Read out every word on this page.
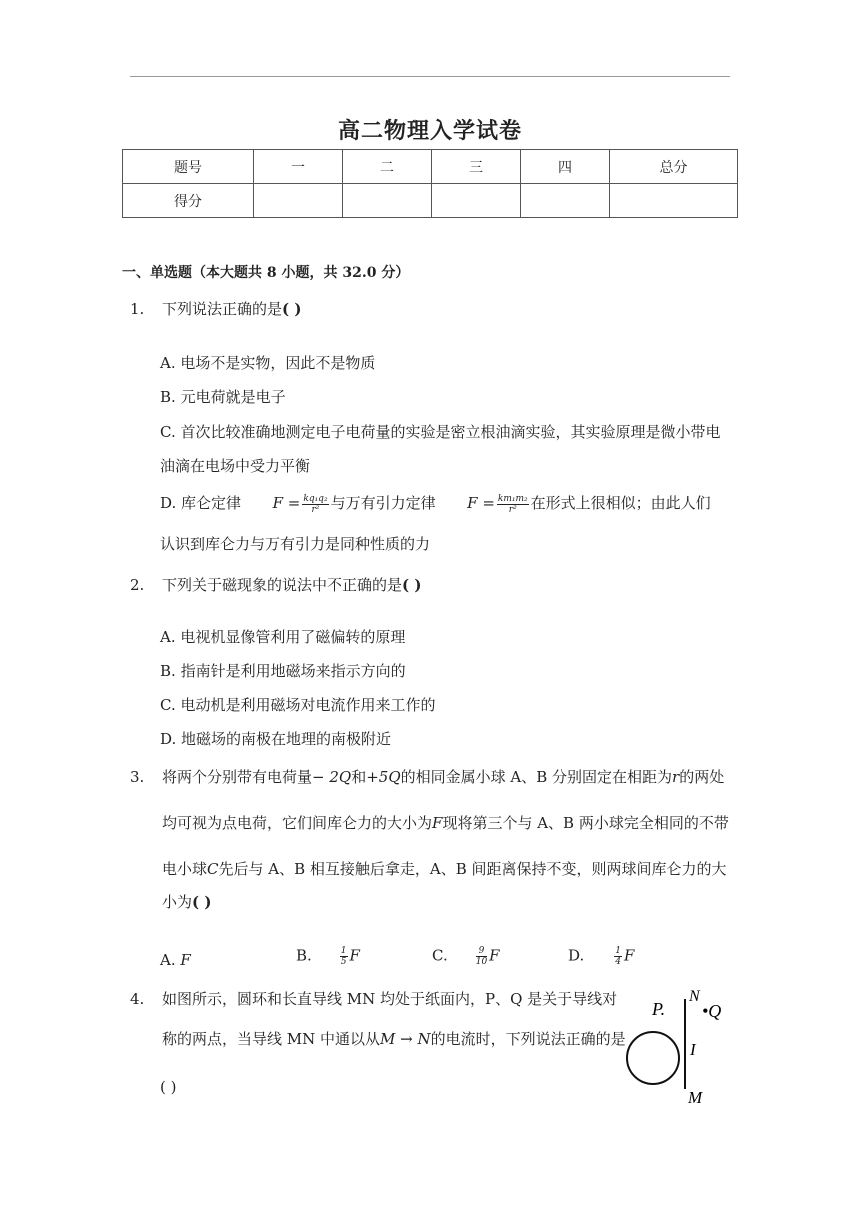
高二物理入学试卷
题号	一	二	三	四	总分
得分					
一、单选题（本大题共 8 小题，共 32.0 分）
1.	下列说法正确的是( )
A. 电场不是实物，因此不是物质
B. 元电荷就是电子
C. 首次比较准确地测定电子电荷量的实验是密立根油滴实验，其实验原理是微小带电
油滴在电场中受力平衡
D. 库仑定律 $F = \frac{\text{kq₁q₂}}{\text{r²}}$ 与万有引力定律 $F = \frac{\text{km₁m₂}}{\text{r²}}$ 在形式上很相似；由此人们
认识到库仑力与万有引力是同种性质的力
2.	下列关于磁现象的说法中不正确的是( )
A. 电视机显像管利用了磁偏转的原理
B. 指南针是利用地磁场来指示方向的
C. 电动机是利用磁场对电流作用来工作的
D. 地磁场的南极在地理的南极附近
3.	将两个分别带有电荷量− 2Q和+5Q的相同金属小球 A、B 分别固定在相距为r的两处
均可视为点电荷，它们间库仑力的大小为F现将第三个与 A、B 两小球完全相同的不带
电小球C先后与 A、B 相互接触后拿走，A、B 间距离保持不变，则两球间库仑力的大
小为( )
A. F	B.	$\frac{1}{5}$ F	C.	$\frac{9}{10}$ F	D.	$\frac{1}{4}$ F
4.	如图所示，圆环和长直导线 MN 均处于纸面内，P、Q 是关于导线对
称的两点，当导线 MN 中通以从M → N的电流时，下列说法正确的是
( )
P.
N
•Q
I
M
